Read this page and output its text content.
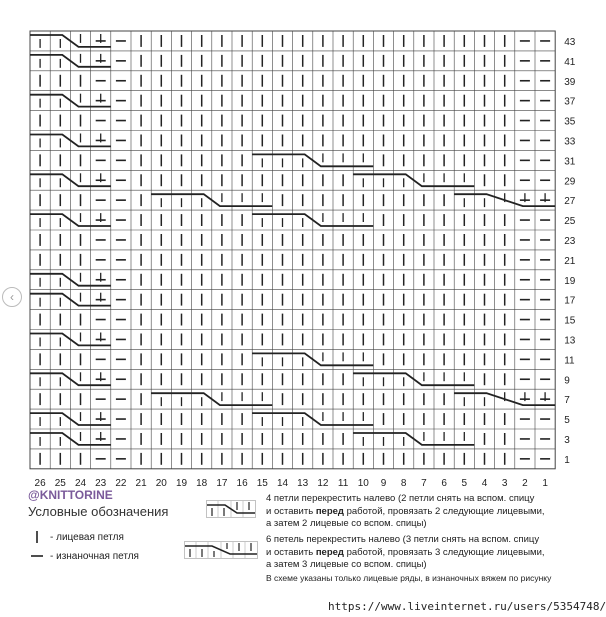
43
41
39
37
35
33
31
29
27
25
23
21
19
17
15
13
11
9
7
5
3
1
26 25 24 23 22 21 20 19 18 17 16 15 14 13 12 11 10 9 8 7 6 5 4 3 2 1
‹
@KNITTORINE
Условные обозначения
- лицевая петля
- изнаночная петля
4 петли перекрестить налево (2 петли снять на вспом. спицу
и оставить перед работой, провязать 2 следующие лицевыми,
а затем 2 лицевые со вспом. спицы)
6 петель перекрестить налево (3 петли снять на вспом. спицу
и оставить перед работой, провязать 3 следующие лицевыми,
а затем 3 лицевые со вспом. спицы)
В схеме указаны только лицевые ряды, в изнаночных вяжем по рисунку
https://www.liveinternet.ru/users/5354748/
